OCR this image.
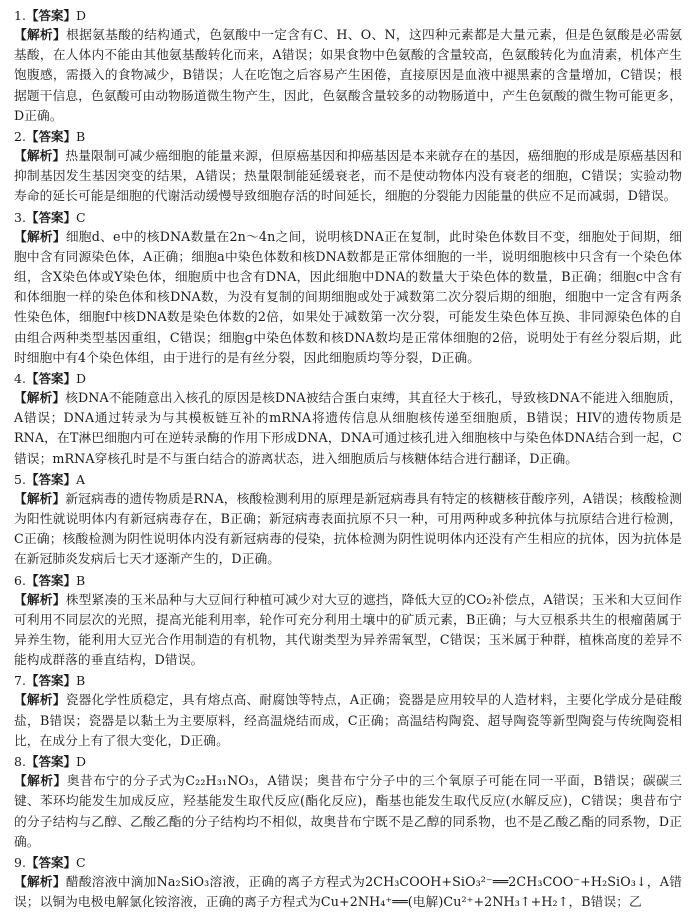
1.【答案】D
【解析】根据氨基酸的结构通式，色氨酸中一定含有C、H、O、N，这四种元素都是大量元素，但是色氨酸是必需氨基酸，在人体内不能由其他氨基酸转化而来，A错误；如果食物中色氨酸的含量较高，色氨酸转化为血清素，机体产生饱腹感，需摄入的食物减少，B错误；人在吃饱之后容易产生困倦，直接原因是血液中褪黑素的含量增加，C错误；根据题干信息，色氨酸可由动物肠道微生物产生，因此，色氨酸含量较多的动物肠道中，产生色氨酸的微生物可能更多，D正确。
2.【答案】B
【解析】热量限制可减少癌细胞的能量来源，但原癌基因和抑癌基因是本来就存在的基因，癌细胞的形成是原癌基因和抑制基因发生基因突变的结果，A错误；热量限制能延缓衰老，而不是使动物体内没有衰老的细胞，C错误；实验动物寿命的延长可能是细胞的代谢活动缓慢导致细胞存活的时间延长，细胞的分裂能力因能量的供应不足而减弱，D错误。
3.【答案】C
【解析】细胞d、e中的核DNA数量在2n～4n之间，说明核DNA正在复制，此时染色体数目不变，细胞处于间期，细胞中含有同源染色体，A正确；细胞a中染色体数和核DNA数都是正常体细胞的一半，说明细胞核中只含有一个染色体组，含X染色体或Y染色体，细胞质中也含有DNA，因此细胞中DNA的数量大于染色体的数量，B正确；细胞c中含有和体细胞一样的染色体和核DNA数，为没有复制的间期细胞或处于减数第二次分裂后期的细胞，细胞中一定含有两条性染色体，细胞f中核DNA数是染色体数的2倍，如果处于减数第一次分裂，可能发生染色体互换、非同源染色体的自由组合两种类型基因重组，C错误；细胞g中染色体数和核DNA数均是正常体细胞的2倍，说明处于有丝分裂后期，此时细胞中有4个染色体组，由于进行的是有丝分裂，因此细胞质均等分裂，D正确。
4.【答案】D
【解析】核DNA不能随意出入核孔的原因是核DNA被结合蛋白束缚，其直径大于核孔，导致核DNA不能进入细胞质，A错误；DNA通过转录为与其模板链互补的mRNA将遗传信息从细胞核传递至细胞质，B错误；HIV的遗传物质是RNA，在T淋巴细胞内可在逆转录酶的作用下形成DNA，DNA可通过核孔进入细胞核中与染色体DNA结合到一起，C错误；mRNA穿核孔时是不与蛋白结合的游离状态，进入细胞质后与核糖体结合进行翻译，D正确。
5.【答案】A
【解析】新冠病毒的遗传物质是RNA，核酸检测利用的原理是新冠病毒具有特定的核糖核苷酸序列，A错误；核酸检测为阳性就说明体内有新冠病毒存在，B正确；新冠病毒表面抗原不只一种，可用两种或多种抗体与抗原结合进行检测，C正确；核酸检测为阴性说明体内没有新冠病毒的侵染，抗体检测为阴性说明体内还没有产生相应的抗体，因为抗体是在新冠肺炎发病后七天才逐渐产生的，D正确。
6.【答案】B
【解析】株型紧凑的玉米品种与大豆间行种植可减少对大豆的遮挡，降低大豆的CO₂补偿点，A错误；玉米和大豆间作可利用不同层次的光照，提高光能利用率，轮作可充分利用土壤中的矿质元素，B正确；与大豆根系共生的根瘤菌属于异养生物，能利用大豆光合作用制造的有机物，其代谢类型为异养需氧型，C错误；玉米属于种群，植株高度的差异不能构成群落的垂直结构，D错误。
7.【答案】B
【解析】瓷器化学性质稳定，具有熔点高、耐腐蚀等特点，A正确；瓷器是应用较早的人造材料，主要化学成分是硅酸盐，B错误；瓷器是以黏土为主要原料，经高温烧结而成，C正确；高温结构陶瓷、超导陶瓷等新型陶瓷与传统陶瓷相比，在成分上有了很大变化，D正确。
8.【答案】D
【解析】奥昔布宁的分子式为C₂₂H₃₁NO₃，A错误；奥昔布宁分子中的三个氧原子可能在同一平面，B错误；碳碳三键、苯环均能发生加成反应，羟基能发生取代反应(酯化反应)，酯基也能发生取代反应(水解反应)，C错误；奥昔布宁的分子结构与乙醇、乙酸乙酯的分子结构均不相似，故奥昔布宁既不是乙醇的同系物，也不是乙酸乙酯的同系物，D正确。
9.【答案】C
【解析】醋酸溶液中滴加Na₂SiO₃溶液，正确的离子方程式为2CH₃COOH+SiO₃²⁻══2CH₃COO⁻+H₂SiO₃↓，A错误；以铜为电极电解氯化铵溶液，正确的离子方程式为Cu+2NH₄⁺══(电解)Cu²⁺+2NH₃↑+H₂↑，B错误；乙
